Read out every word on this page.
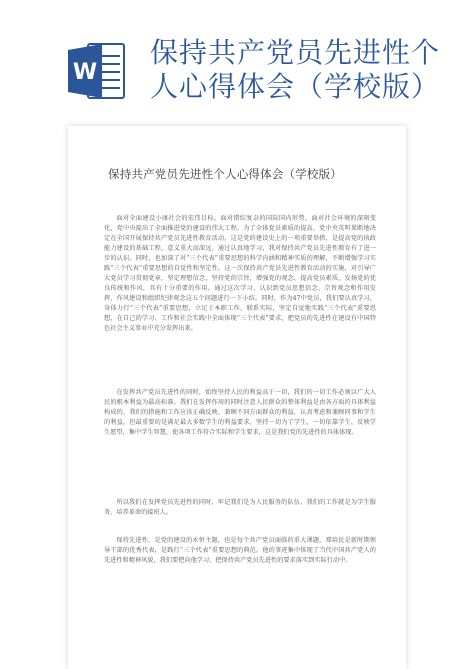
W
保持共产党员先进性个人心得体会（学校版）
保持共产党员先进性个人心得体会（学校版）
面对全面建设小康社会的宏伟目标，面对错综复杂的国际国内形势，面对社会环境的深刻变化，党中央提出了全面推进党的建设的伟大工程。为了全体党员素质的提高，党中央英明果断地决定在全国开展保持共产党员先进性教育活动，这是党的建设史上的一项重要举措，是提高党的执政能力建设的基础工程，意义重大而深远。通过认真地学习，我对保持共产党员先进性教育有了进一步的认识。同时，也加深了对“三个代表”重要思想的科学内涵和精神实质的理解，不断增强学习实践“三个代表”重要思想的自觉性和坚定性。这一次保持共产党员先进性教育活动的实施，对引导广大党员学习贯彻党章，坚定理想信念，坚持党的宗旨，增强党的观念，提高党员素质，发扬党的优良传统和作风，具有十分重要的作用。通过这次学习，认识到党员思想信念、宗旨观念和作用发挥，作风建设和组织纪律观念这五个问题进行一下小结。同时，作为47中党员，我们要认真学习，身体力行“三个代表”重要思想，立足于本职工作，联系实际，坚定自觉地实践“三个代表”重要思想，在自己的学习、工作和社会实践中全面体现“三个代表”要求，把党员的先进性在建设有中国特色社会主义事业中充分发挥出来。
在发挥共产党员先进性的同时，始终坚持人民的利益高于一切，我们的一切工作必须以广大人民的根本利益为最高标准。我们在发挥作用的同时注意人民群众的整体利益是由各方面的具体利益构成的，我们的措施和工作应该正确反映、兼顾不同方面群众的利益，认真考虑和兼顾同事和学生的利益，但最重要的是满足最大多数学生的利益要求。坚持一切为了学生，一切依靠学生，反映学生愿望，集中学生智慧，使各项工作符合实际和学生要求，这是我们党的先进性的具体体现。
所以我们在发挥党员先进性的同时，牢记我们是为人民服务的队伍，我们的工作就是为学生服务，培养革命的接班人。
保持先进性，是党的建设的永恒主题，也是每个共产党员面临的重大课题，郑培民是新时期领导干部的优秀代表，是践行“三个代表”重要思想的典范。他的事迹集中体现了当代中国共产党人的先进性和精神风貌，我们要把向他学习，把保持共产党员先进性的要求落实到实际行动中。
